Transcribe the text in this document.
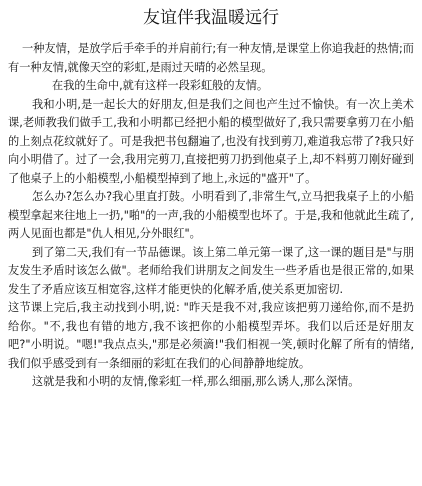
友谊伴我温暖远行

一种友情，是放学后手牵手的并肩前行;有一种友情,是课堂上你追我赶的热情;而有一种友情,就像天空的彩虹,是雨过天晴的必然呈现。

在我的生命中,就有这样一段彩虹般的友情。

我和小明,是一起长大的好朋友,但是我们之间也产生过不愉快。有一次上美术课,老师教我们做手工,我和小明都已经把小船的模型做好了,我只需要拿剪刀在小船的上刻点花纹就好了。可是我把书包翻遍了,也没有找到剪刀,难道我忘带了?我只好向小明借了。过了一会,我用完剪刀,直接把剪刀扔到他桌子上,却不料剪刀刚好碰到了他桌子上的小船模型,小船模型掉到了地上,永远的"盛开"了。

怎么办?怎么办?我心里直打鼓。小明看到了,非常生气,立马把我桌子上的小船模型拿起来往地上一扔,"啪"的一声,我的小船模型也坏了。于是,我和他就此生疏了,两人见面也都是"仇人相见,分外眼红"。

到了第二天,我们有一节品德课。该上第二单元第一课了,这一课的题目是"与朋友发生矛盾时该怎么做"。老师给我们讲朋友之间发生一些矛盾也是很正常的,如果发生了矛盾应该互相宽容,这样才能更快的化解矛盾,使关系更加密切.

这节课上完后,我主动找到小明,说: "昨天是我不对,我应该把剪刀递给你,而不是扔给你。"不,我也有错的地方,我不该把你的小船模型弄坏。我们以后还是好朋友吧?"小明说。"嗯!"我点点头,"那是必须滴!"我们相视一笑,顿时化解了所有的情绪,我们似乎感受到有一条细丽的彩虹在我们的心间静静地绽放。

这就是我和小明的友情,像彩虹一样,那么细丽,那么诱人,那么深情。
